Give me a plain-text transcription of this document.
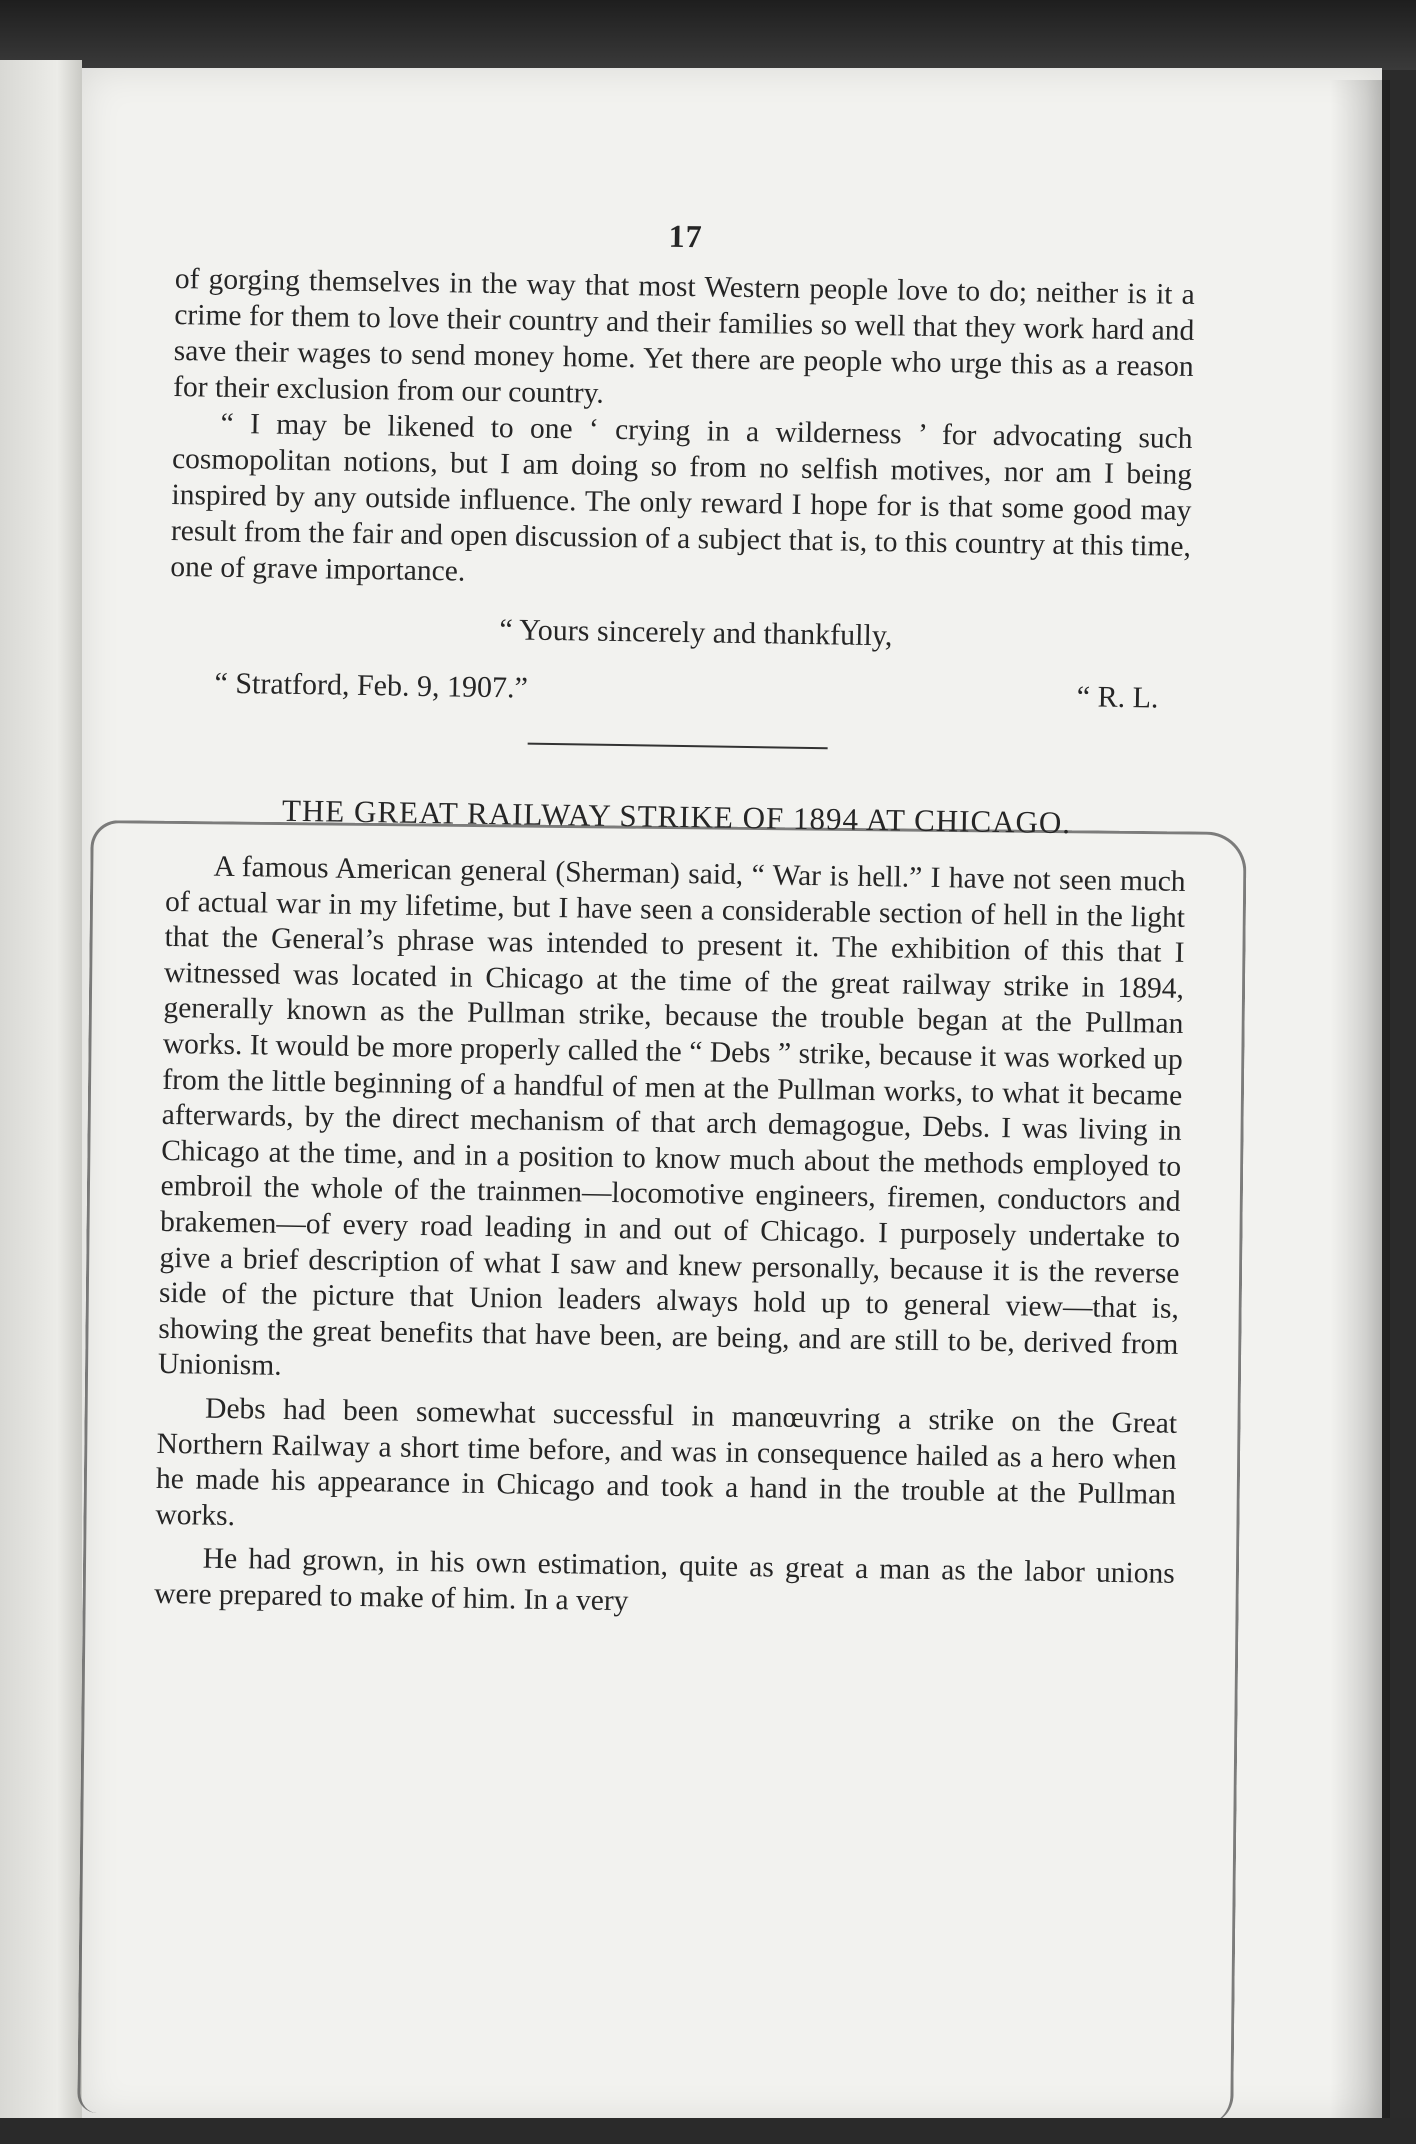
17

of gorging themselves in the way that most Western people love to do; neither is it a crime for them to love their country and their families so well that they work hard and save their wages to send money home. Yet there are people who urge this as a reason for their exclusion from our country.

“ I may be likened to one ‘ crying in a wilderness ’ for advocating such cosmopolitan notions, but I am doing so from no selfish motives, nor am I being inspired by any outside influence. The only reward I hope for is that some good may result from the fair and open discussion of a subject that is, to this country at this time, one of grave importance.

“ Yours sincerely and thankfully,
“ Stratford, Feb. 9, 1907.”	“ R. L.
THE GREAT RAILWAY STRIKE OF 1894 AT CHICAGO.

A famous American general (Sherman) said, “ War is hell.” I have not seen much of actual war in my lifetime, but I have seen a considerable section of hell in the light that the General’s phrase was intended to present it. The exhibition of this that I witnessed was located in Chicago at the time of the great railway strike in 1894, generally known as the Pullman strike, because the trouble began at the Pullman works. It would be more properly called the “ Debs ” strike, because it was worked up from the little beginning of a handful of men at the Pullman works, to what it became afterwards, by the direct mechanism of that arch demagogue, Debs. I was living in Chicago at the time, and in a position to know much about the methods employed to embroil the whole of the trainmen—locomotive engineers, firemen, conductors and brakemen—of every road leading in and out of Chicago. I purposely undertake to give a brief description of what I saw and knew personally, because it is the reverse side of the picture that Union leaders always hold up to general view—that is, showing the great benefits that have been, are being, and are still to be, derived from Unionism.

Debs had been somewhat successful in manœuvring a strike on the Great Northern Railway a short time before, and was in consequence hailed as a hero when he made his appearance in Chicago and took a hand in the trouble at the Pullman works.

He had grown, in his own estimation, quite as great a man as the labor unions were prepared to make of him. In a very
